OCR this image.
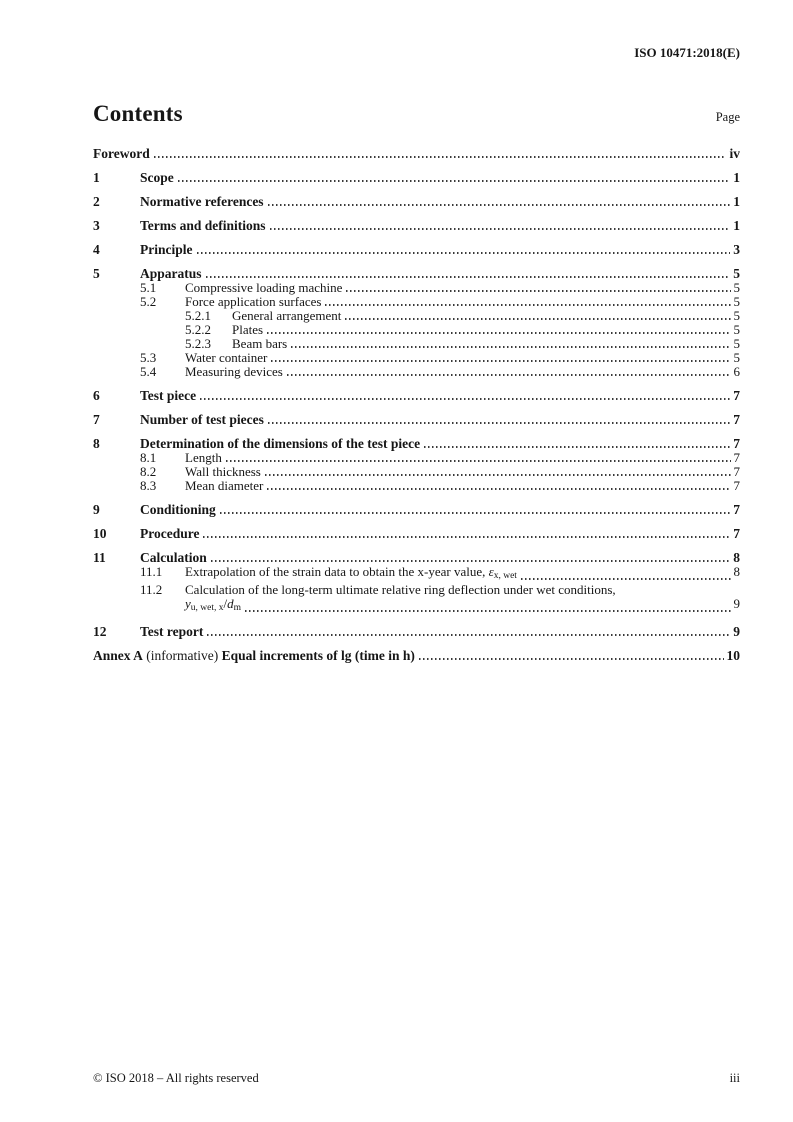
ISO 10471:2018(E)
Contents	Page
Foreword	iv
1	Scope	1
2	Normative references	1
3	Terms and definitions	1
4	Principle	3
5	Apparatus	5
5.1	Compressive loading machine	5
5.2	Force application surfaces	5
5.2.1	General arrangement	5
5.2.2	Plates	5
5.2.3	Beam bars	5
5.3	Water container	5
5.4	Measuring devices	6
6	Test piece	7
7	Number of test pieces	7
8	Determination of the dimensions of the test piece	7
8.1	Length	7
8.2	Wall thickness	7
8.3	Mean diameter	7
9	Conditioning	7
10	Procedure	7
11	Calculation	8
11.1	Extrapolation of the strain data to obtain the x-year value, εx, wet	8
11.2	Calculation of the long-term ultimate relative ring deflection under wet conditions,
yu, wet, x/dm	9
12	Test report	9
Annex A (informative) Equal increments of lg (time in h)	10
© ISO 2018 – All rights reserved	iii
